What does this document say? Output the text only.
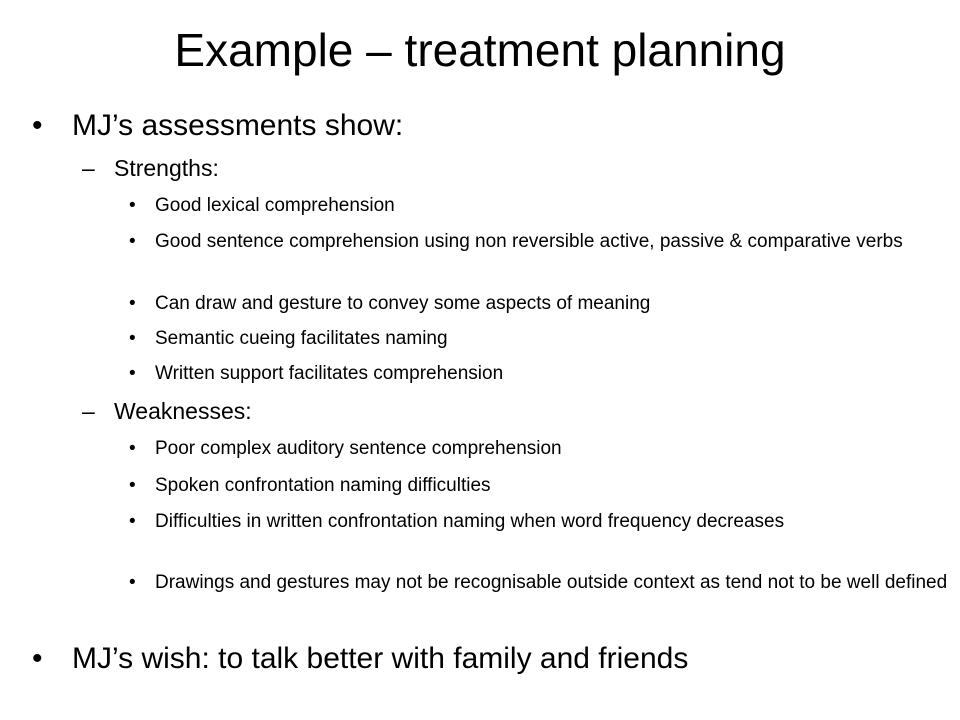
Example – treatment planning
• MJ’s assessments show:
– Strengths:
• Good lexical comprehension
• Good sentence comprehension using non reversible active, passive & comparative verbs
• Can draw and gesture to convey some aspects of meaning
• Semantic cueing facilitates naming
• Written support facilitates comprehension
– Weaknesses:
• Poor complex auditory sentence comprehension
• Spoken confrontation naming difficulties
• Difficulties in written confrontation naming when word frequency decreases
• Drawings and gestures may not be recognisable outside context as tend not to be well defined
• MJ’s wish: to talk better with family and friends
